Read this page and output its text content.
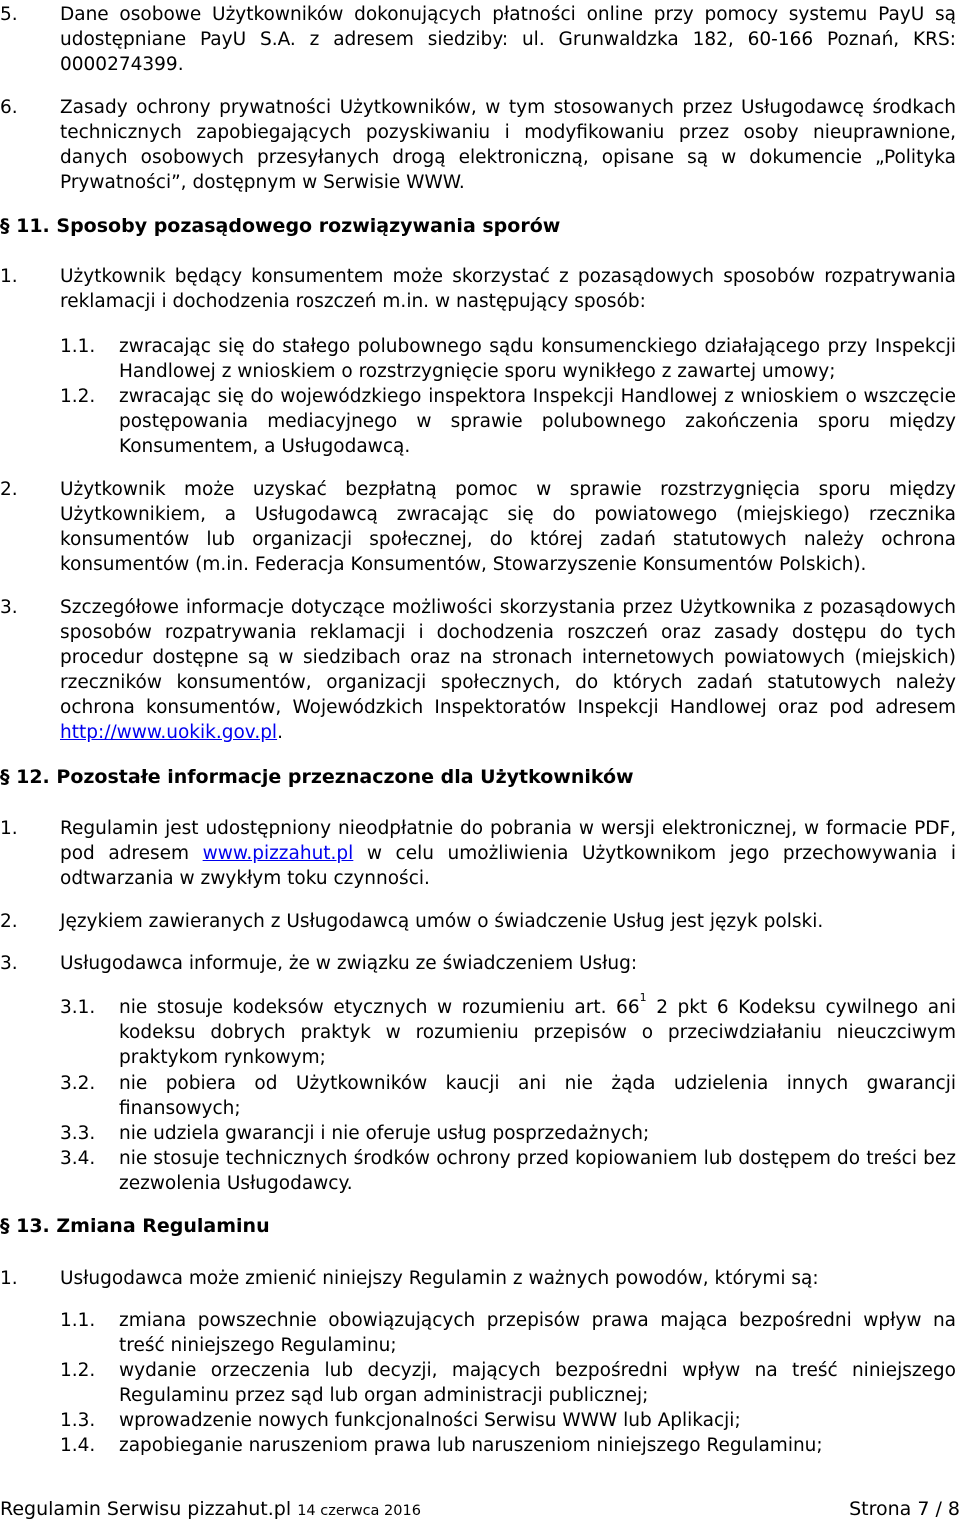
5. Dane osobowe Użytkowników dokonujących płatności online przy pomocy systemu PayU są udostępniane PayU S.A. z adresem siedziby: ul. Grunwaldzka 182, 60-166 Poznań, KRS: 0000274399.
6. Zasady ochrony prywatności Użytkowników, w tym stosowanych przez Usługodawcę środkach technicznych zapobiegających pozyskiwaniu i modyfikowaniu przez osoby nieuprawnione, danych osobowych przesyłanych drogą elektroniczną, opisane są w dokumencie „Polityka Prywatności”, dostępnym w Serwisie WWW.
§ 11. Sposoby pozasądowego rozwiązywania sporów
1. Użytkownik będący konsumentem może skorzystać z pozasądowych sposobów rozpatrywania reklamacji i dochodzenia roszczeń m.in. w następujący sposób:
1.1. zwracając się do stałego polubownego sądu konsumenckiego działającego przy Inspekcji Handlowej z wnioskiem o rozstrzygnięcie sporu wynikłego z zawartej umowy;
1.2. zwracając się do wojewódzkiego inspektora Inspekcji Handlowej z wnioskiem o wszczęcie postępowania mediacyjnego w sprawie polubownego zakończenia sporu między Konsumentem, a Usługodawcą.
2. Użytkownik może uzyskać bezpłatną pomoc w sprawie rozstrzygnięcia sporu między Użytkownikiem, a Usługodawcą zwracając się do powiatowego (miejskiego) rzecznika konsumentów lub organizacji społecznej, do której zadań statutowych należy ochrona konsumentów (m.in. Federacja Konsumentów, Stowarzyszenie Konsumentów Polskich).
3. Szczegółowe informacje dotyczące możliwości skorzystania przez Użytkownika z pozasądowych sposobów rozpatrywania reklamacji i dochodzenia roszczeń oraz zasady dostępu do tych procedur dostępne są w siedzibach oraz na stronach internetowych powiatowych (miejskich) rzeczników konsumentów, organizacji społecznych, do których zadań statutowych należy ochrona konsumentów, Wojewódzkich Inspektoratów Inspekcji Handlowej oraz pod adresem http://www.uokik.gov.pl.
§ 12. Pozostałe informacje przeznaczone dla Użytkowników
1. Regulamin jest udostępniony nieodpłatnie do pobrania w wersji elektronicznej, w formacie PDF, pod adresem www.pizzahut.pl w celu umożliwienia Użytkownikom jego przechowywania i odtwarzania w zwykłym toku czynności.
2. Językiem zawieranych z Usługodawcą umów o świadczenie Usług jest język polski.
3. Usługodawca informuje, że w związku ze świadczeniem Usług:
3.1. nie stosuje kodeksów etycznych w rozumieniu art. $66^1$ 2 pkt 6 Kodeksu cywilnego ani kodeksu dobrych praktyk w rozumieniu przepisów o przeciwdziałaniu nieuczciwym praktykom rynkowym;
3.2. nie pobiera od Użytkowników kaucji ani nie żąda udzielenia innych gwarancji finansowych;
3.3. nie udziela gwarancji i nie oferuje usług posprzedażnych;
3.4. nie stosuje technicznych środków ochrony przed kopiowaniem lub dostępem do treści bez zezwolenia Usługodawcy.
§ 13. Zmiana Regulaminu
1. Usługodawca może zmienić niniejszy Regulamin z ważnych powodów, którymi są:
1.1. zmiana powszechnie obowiązujących przepisów prawa mająca bezpośredni wpływ na treść niniejszego Regulaminu;
1.2. wydanie orzeczenia lub decyzji, mających bezpośredni wpływ na treść niniejszego Regulaminu przez sąd lub organ administracji publicznej;
1.3. wprowadzenie nowych funkcjonalności Serwisu WWW lub Aplikacji;
1.4. zapobieganie naruszeniom prawa lub naruszeniom niniejszego Regulaminu;
Regulamin Serwisu pizzahut.pl 14 czerwca 2016	Strona 7 / 8
